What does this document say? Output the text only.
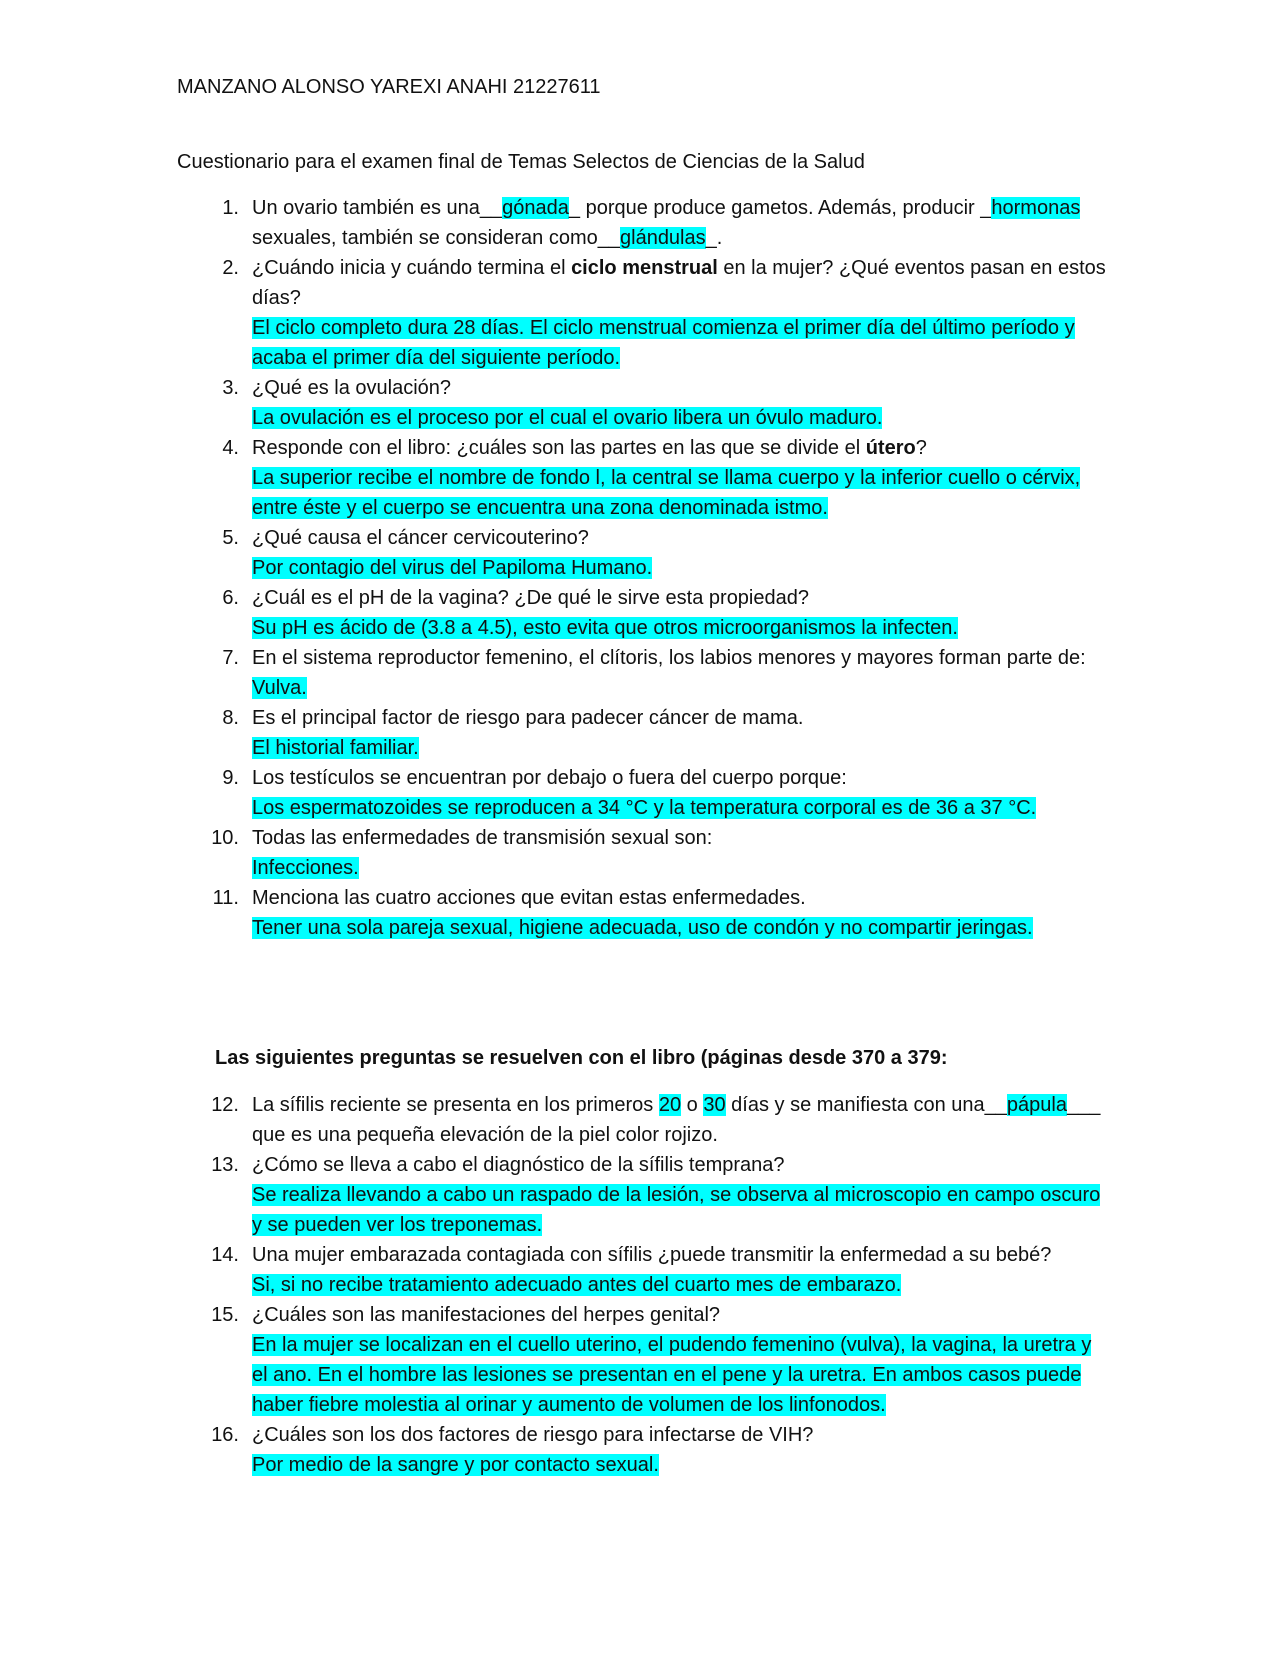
MANZANO ALONSO YAREXI ANAHI 21227611
Cuestionario para el examen final de Temas Selectos de Ciencias de la Salud
1. Un ovario también es una__gónada_ porque produce gametos. Además, producir _hormonas sexuales, también se consideran como__glándulas_.
2. ¿Cuándo inicia y cuándo termina el ciclo menstrual en la mujer? ¿Qué eventos pasan en estos días?
El ciclo completo dura 28 días. El ciclo menstrual comienza el primer día del último período y acaba el primer día del siguiente período.
3. ¿Qué es la ovulación?
La ovulación es el proceso por el cual el ovario libera un óvulo maduro.
4. Responde con el libro: ¿cuáles son las partes en las que se divide el útero?
La superior recibe el nombre de fondo l, la central se llama cuerpo y la inferior cuello o cérvix, entre éste y el cuerpo se encuentra una zona denominada istmo.
5. ¿Qué causa el cáncer cervicouterino?
Por contagio del virus del Papiloma Humano.
6. ¿Cuál es el pH de la vagina? ¿De qué le sirve esta propiedad?
Su pH es ácido de (3.8 a 4.5), esto evita que otros microorganismos la infecten.
7. En el sistema reproductor femenino, el clítoris, los labios menores y mayores forman parte de:
Vulva.
8. Es el principal factor de riesgo para padecer cáncer de mama.
El historial familiar.
9. Los testículos se encuentran por debajo o fuera del cuerpo porque:
Los espermatozoides se reproducen a 34 °C y la temperatura corporal es de 36 a 37 °C.
10. Todas las enfermedades de transmisión sexual son:
Infecciones.
11. Menciona las cuatro acciones que evitan estas enfermedades.
Tener una sola pareja sexual, higiene adecuada, uso de condón y no compartir jeringas.
Las siguientes preguntas se resuelven con el libro (páginas desde 370 a 379:
12. La sífilis reciente se presenta en los primeros 20 o 30 días y se manifiesta con una__pápula___ que es una pequeña elevación de la piel color rojizo.
13. ¿Cómo se lleva a cabo el diagnóstico de la sífilis temprana?
Se realiza llevando a cabo un raspado de la lesión, se observa al microscopio en campo oscuro y se pueden ver los treponemas.
14. Una mujer embarazada contagiada con sífilis ¿puede transmitir la enfermedad a su bebé?
Si, si no recibe tratamiento adecuado antes del cuarto mes de embarazo.
15. ¿Cuáles son las manifestaciones del herpes genital?
En la mujer se localizan en el cuello uterino, el pudendo femenino (vulva), la vagina, la uretra y el ano. En el hombre las lesiones se presentan en el pene y la uretra. En ambos casos puede haber fiebre molestia al orinar y aumento de volumen de los linfonodos.
16. ¿Cuáles son los dos factores de riesgo para infectarse de VIH?
Por medio de la sangre y por contacto sexual.
